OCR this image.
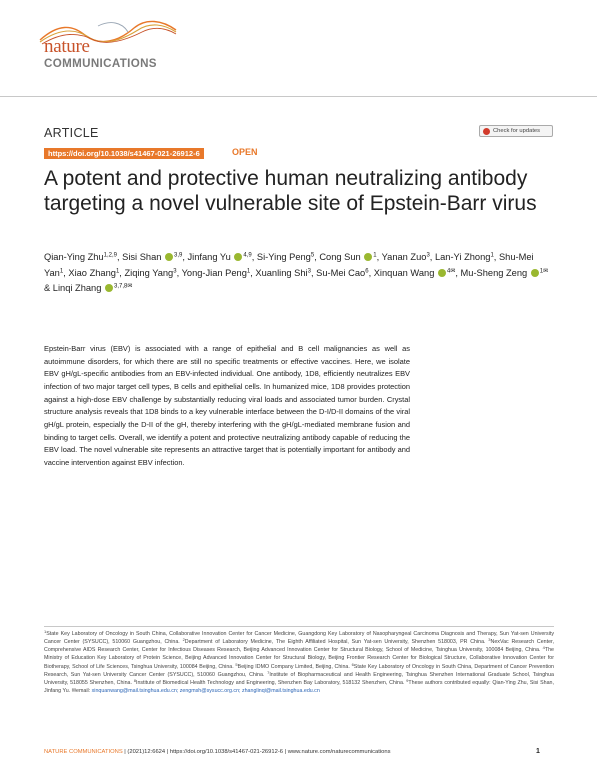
nature
COMMUNICATIONS
ARTICLE	Check for updates
https://doi.org/10.1038/s41467-021-26912-6	OPEN
A potent and protective human neutralizing antibody targeting a novel vulnerable site of Epstein-Barr virus
Qian-Ying Zhu$^{1,2,9}$, Sisi Shan $^{3,9}$, Jinfang Yu $^{4,9}$, Si-Ying Peng$^5$, Cong Sun $^1$, Yanan Zuo$^3$, Lan-Yi Zhong$^1$, Shu-Mei Yan$^1$, Xiao Zhang$^1$, Ziqing Yang$^3$, Yong-Jian Peng$^1$, Xuanling Shi$^3$, Su-Mei Cao$^6$, Xinquan Wang $^{4✉}$, Mu-Sheng Zeng $^{1✉}$ & Linqi Zhang $^{3,7,8✉}$

Epstein-Barr virus (EBV) is associated with a range of epithelial and B cell malignancies as well as autoimmune disorders, for which there are still no specific treatments or effective vaccines. Here, we isolate EBV gH/gL-specific antibodies from an EBV-infected individual. One antibody, 1D8, efficiently neutralizes EBV infection of two major target cell types, B cells and epithelial cells. In humanized mice, 1D8 provides protection against a high-dose EBV challenge by substantially reducing viral loads and associated tumor burden. Crystal structure analysis reveals that 1D8 binds to a key vulnerable interface between the D-I/D-II domains of the viral gH/gL protein, especially the D-II of the gH, thereby interfering with the gH/gL-mediated membrane fusion and binding to target cells. Overall, we identify a potent and protective neutralizing antibody capable of reducing the EBV load. The novel vulnerable site represents an attractive target that is potentially important for antibody and vaccine intervention against EBV infection.

$^1$State Key Laboratory of Oncology in South China, Collaborative Innovation Center for Cancer Medicine, Guangdong Key Laboratory of Nasopharyngeal Carcinoma Diagnosis and Therapy, Sun Yat-sen University Cancer Center (SYSUCC), 510060 Guangzhou, China. $^2$Department of Laboratory Medicine, The Eighth Affiliated Hospital, Sun Yat-sen University, Shenzhen 518003, PR China. $^3$NexVac Research Center, Comprehensive AIDS Research Center, Center for Infectious Diseases Research, Beijing Advanced Innovation Center for Structural Biology, School of Medicine, Tsinghua University, 100084 Beijing, China. $^4$The Ministry of Education Key Laboratory of Protein Science, Beijing Advanced Innovation Center for Structural Biology, Beijing Frontier Research Center for Biological Structure, Collaborative Innovation Center for Biotherapy, School of Life Sciences, Tsinghua University, 100084 Beijing, China. $^5$Beijing IDMO Company Limited, Beijing, China. $^6$State Key Laboratory of Oncology in South China, Department of Cancer Prevention Research, Sun Yat-sen University Cancer Center (SYSUCC), 510060 Guangzhou, China. $^7$Institute of Biopharmaceutical and Health Engineering, Tsinghua Shenzhen International Graduate School, Tsinghua University, 518055 Shenzhen, China. $^8$Institute of Biomedical Health Technology and Engineering, Shenzhen Bay Laboratory, 518132 Shenzhen, China. $^9$These authors contributed equally: Qian-Ying Zhu, Sisi Shan, Jinfang Yu. ✉email: xinquanwang@mail.tsinghua.edu.cn; zengmsh@sysucc.org.cn; zhanglinqi@mail.tsinghua.edu.cn

NATURE COMMUNICATIONS | (2021)12:6624 | https://doi.org/10.1038/s41467-021-26912-6 | www.nature.com/naturecommunications	1
